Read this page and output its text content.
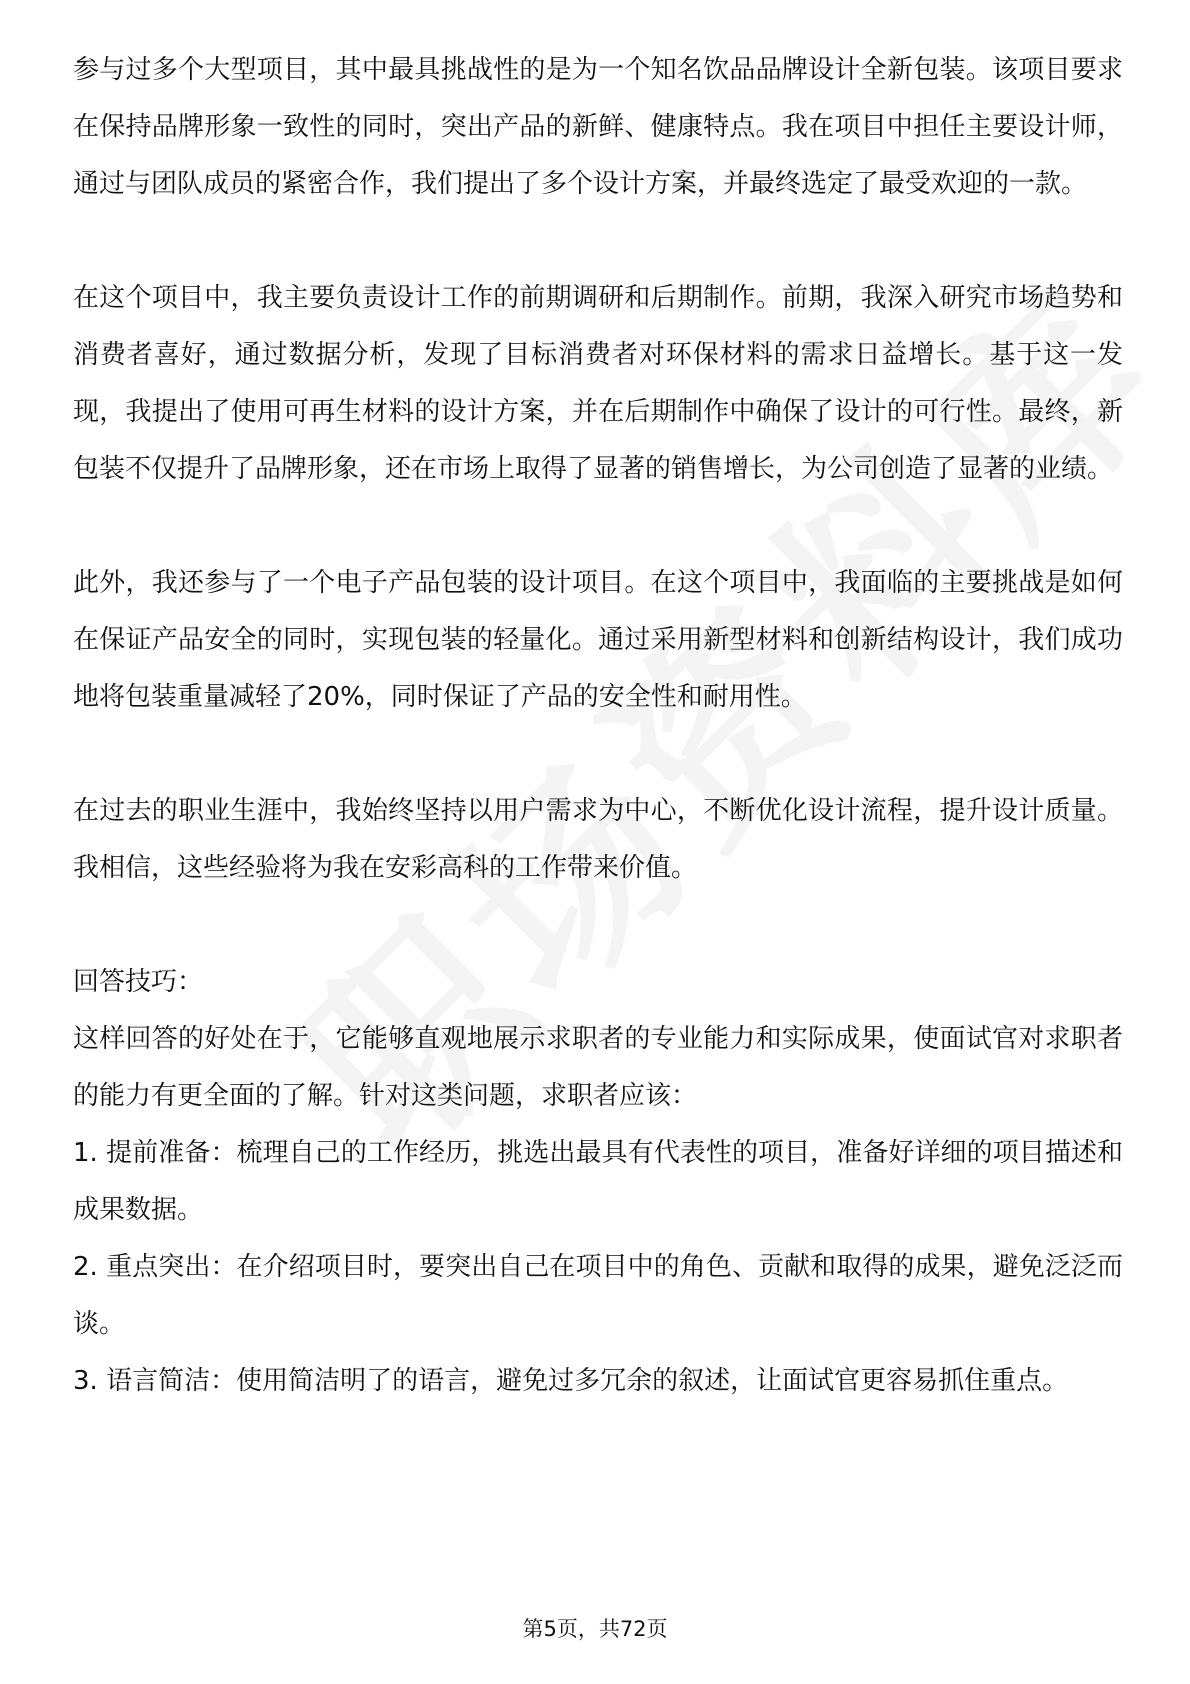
参与过多个大型项目，其中最具挑战性的是为一个知名饮品品牌设计全新包装。该项目要求在保持品牌形象一致性的同时，突出产品的新鲜、健康特点。我在项目中担任主要设计师，通过与团队成员的紧密合作，我们提出了多个设计方案，并最终选定了最受欢迎的一款。

在这个项目中，我主要负责设计工作的前期调研和后期制作。前期，我深入研究市场趋势和消费者喜好，通过数据分析，发现了目标消费者对环保材料的需求日益增长。基于这一发现，我提出了使用可再生材料的设计方案，并在后期制作中确保了设计的可行性。最终，新包装不仅提升了品牌形象，还在市场上取得了显著的销售增长，为公司创造了显著的业绩。

此外，我还参与了一个电子产品包装的设计项目。在这个项目中，我面临的主要挑战是如何在保证产品安全的同时，实现包装的轻量化。通过采用新型材料和创新结构设计，我们成功地将包装重量减轻了20%，同时保证了产品的安全性和耐用性。

在过去的职业生涯中，我始终坚持以用户需求为中心，不断优化设计流程，提升设计质量。我相信，这些经验将为我在安彩高科的工作带来价值。

回答技巧：

这样回答的好处在于，它能够直观地展示求职者的专业能力和实际成果，使面试官对求职者的能力有更全面的了解。针对这类问题，求职者应该：

1. 提前准备：梳理自己的工作经历，挑选出最具有代表性的项目，准备好详细的项目描述和成果数据。

2. 重点突出：在介绍项目时，要突出自己在项目中的角色、贡献和取得的成果，避免泛泛而谈。

3. 语言简洁：使用简洁明了的语言，避免过多冗余的叙述，让面试官更容易抓住重点。

第5页，共72页
